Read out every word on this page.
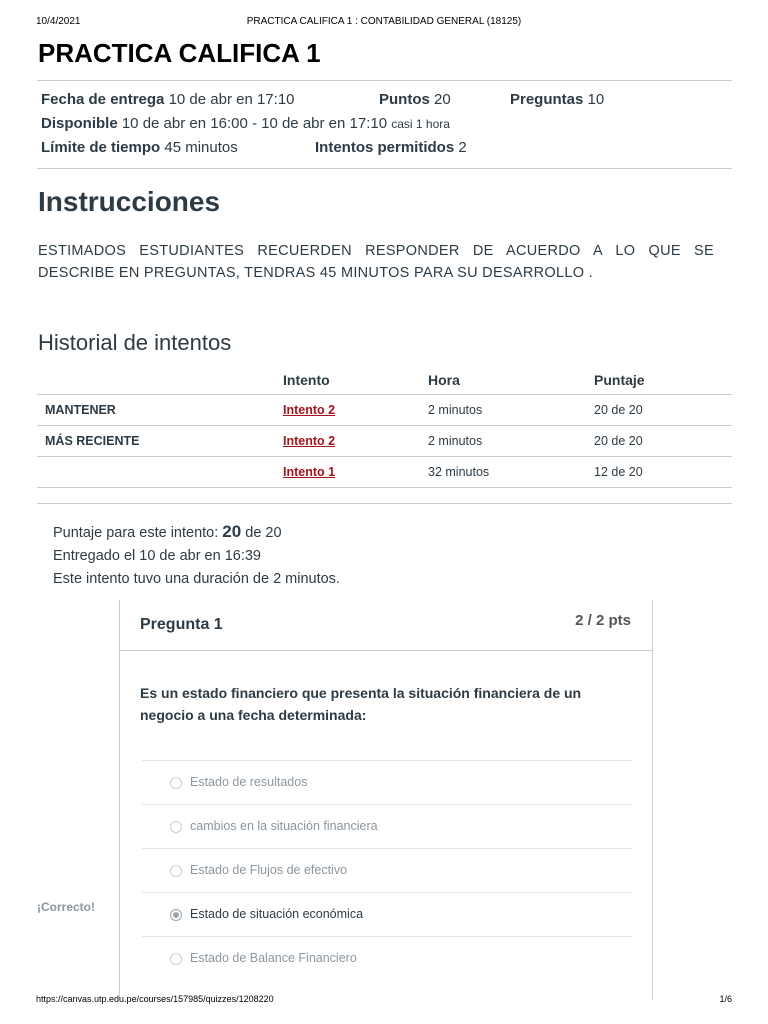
10/4/2021	PRACTICA CALIFICA 1 : CONTABILIDAD GENERAL (18125)
PRACTICA CALIFICA 1
Fecha de entrega 10 de abr en 17:10	Puntos 20	Preguntas 10
Disponible 10 de abr en 16:00 - 10 de abr en 17:10 casi 1 hora
Límite de tiempo 45 minutos	Intentos permitidos 2
Instrucciones
ESTIMADOS ESTUDIANTES RECUERDEN RESPONDER DE ACUERDO A LO QUE SE DESCRIBE EN PREGUNTAS, TENDRAS 45 MINUTOS PARA SU DESARROLLO .
Historial de intentos
	Intento	Hora	Puntaje
MANTENER	Intento 2	2 minutos	20 de 20
MÁS RECIENTE	Intento 2	2 minutos	20 de 20
	Intento 1	32 minutos	12 de 20
Puntaje para este intento: 20 de 20
Entregado el 10 de abr en 16:39
Este intento tuvo una duración de 2 minutos.
¡Correcto!
Pregunta 1	2 / 2 pts
Es un estado financiero que presenta la situación financiera de un negocio a una fecha determinada:
Estado de resultados
cambios en la situación financiera
Estado de Flujos de efectivo
Estado de situación económica
Estado de Balance Financiero
https://canvas.utp.edu.pe/courses/157985/quizzes/1208220	1/6
